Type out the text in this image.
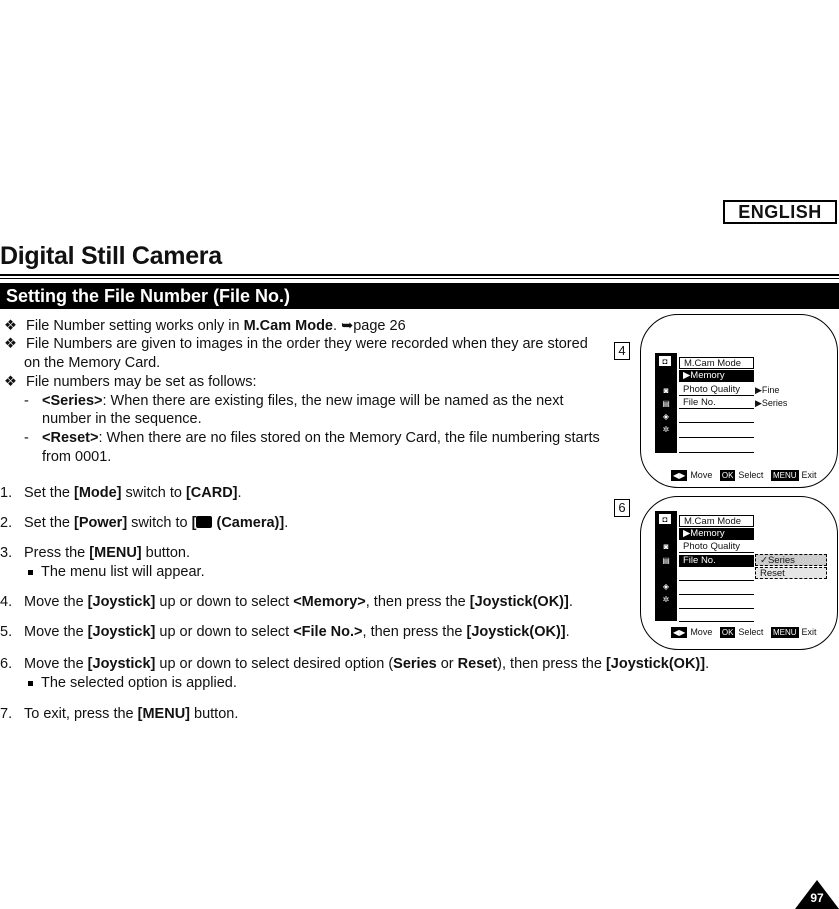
ENGLISH
Digital Still Camera
Setting the File Number (File No.)
❖ File Number setting works only in M.Cam Mode. ➥page 26
❖ File Numbers are given to images in the order they were recorded when they are stored
on the Memory Card.
❖ File numbers may be set as follows:
- <Series>: When there are existing files, the new image will be named as the next
number in the sequence.
- <Reset>: When there are no files stored on the Memory Card, the file numbering starts
from 0001.
1. Set the [Mode] switch to [CARD].
2. Set the [Power] switch to [ (Camera)].
3. Press the [MENU] button.
The menu list will appear.
4. Move the [Joystick] up or down to select <Memory>, then press the [Joystick(OK)].
5. Move the [Joystick] up or down to select <File No.>, then press the [Joystick(OK)].
6. Move the [Joystick] up or down to select desired option (Series or Reset), then press the [Joystick(OK)].
The selected option is applied.
7. To exit, press the [MENU] button.
4
◘
◙
▤
◈
✲
M.Cam Mode
▶Memory
Photo Quality
File No.
▶Fine
▶Series
◀▶ Move OK Select MENU Exit
6
◘
◙
▤
◈
✲
M.Cam Mode
▶Memory
Photo Quality
File No.	✓Series
Reset
◀▶ Move OK Select MENU Exit
97
